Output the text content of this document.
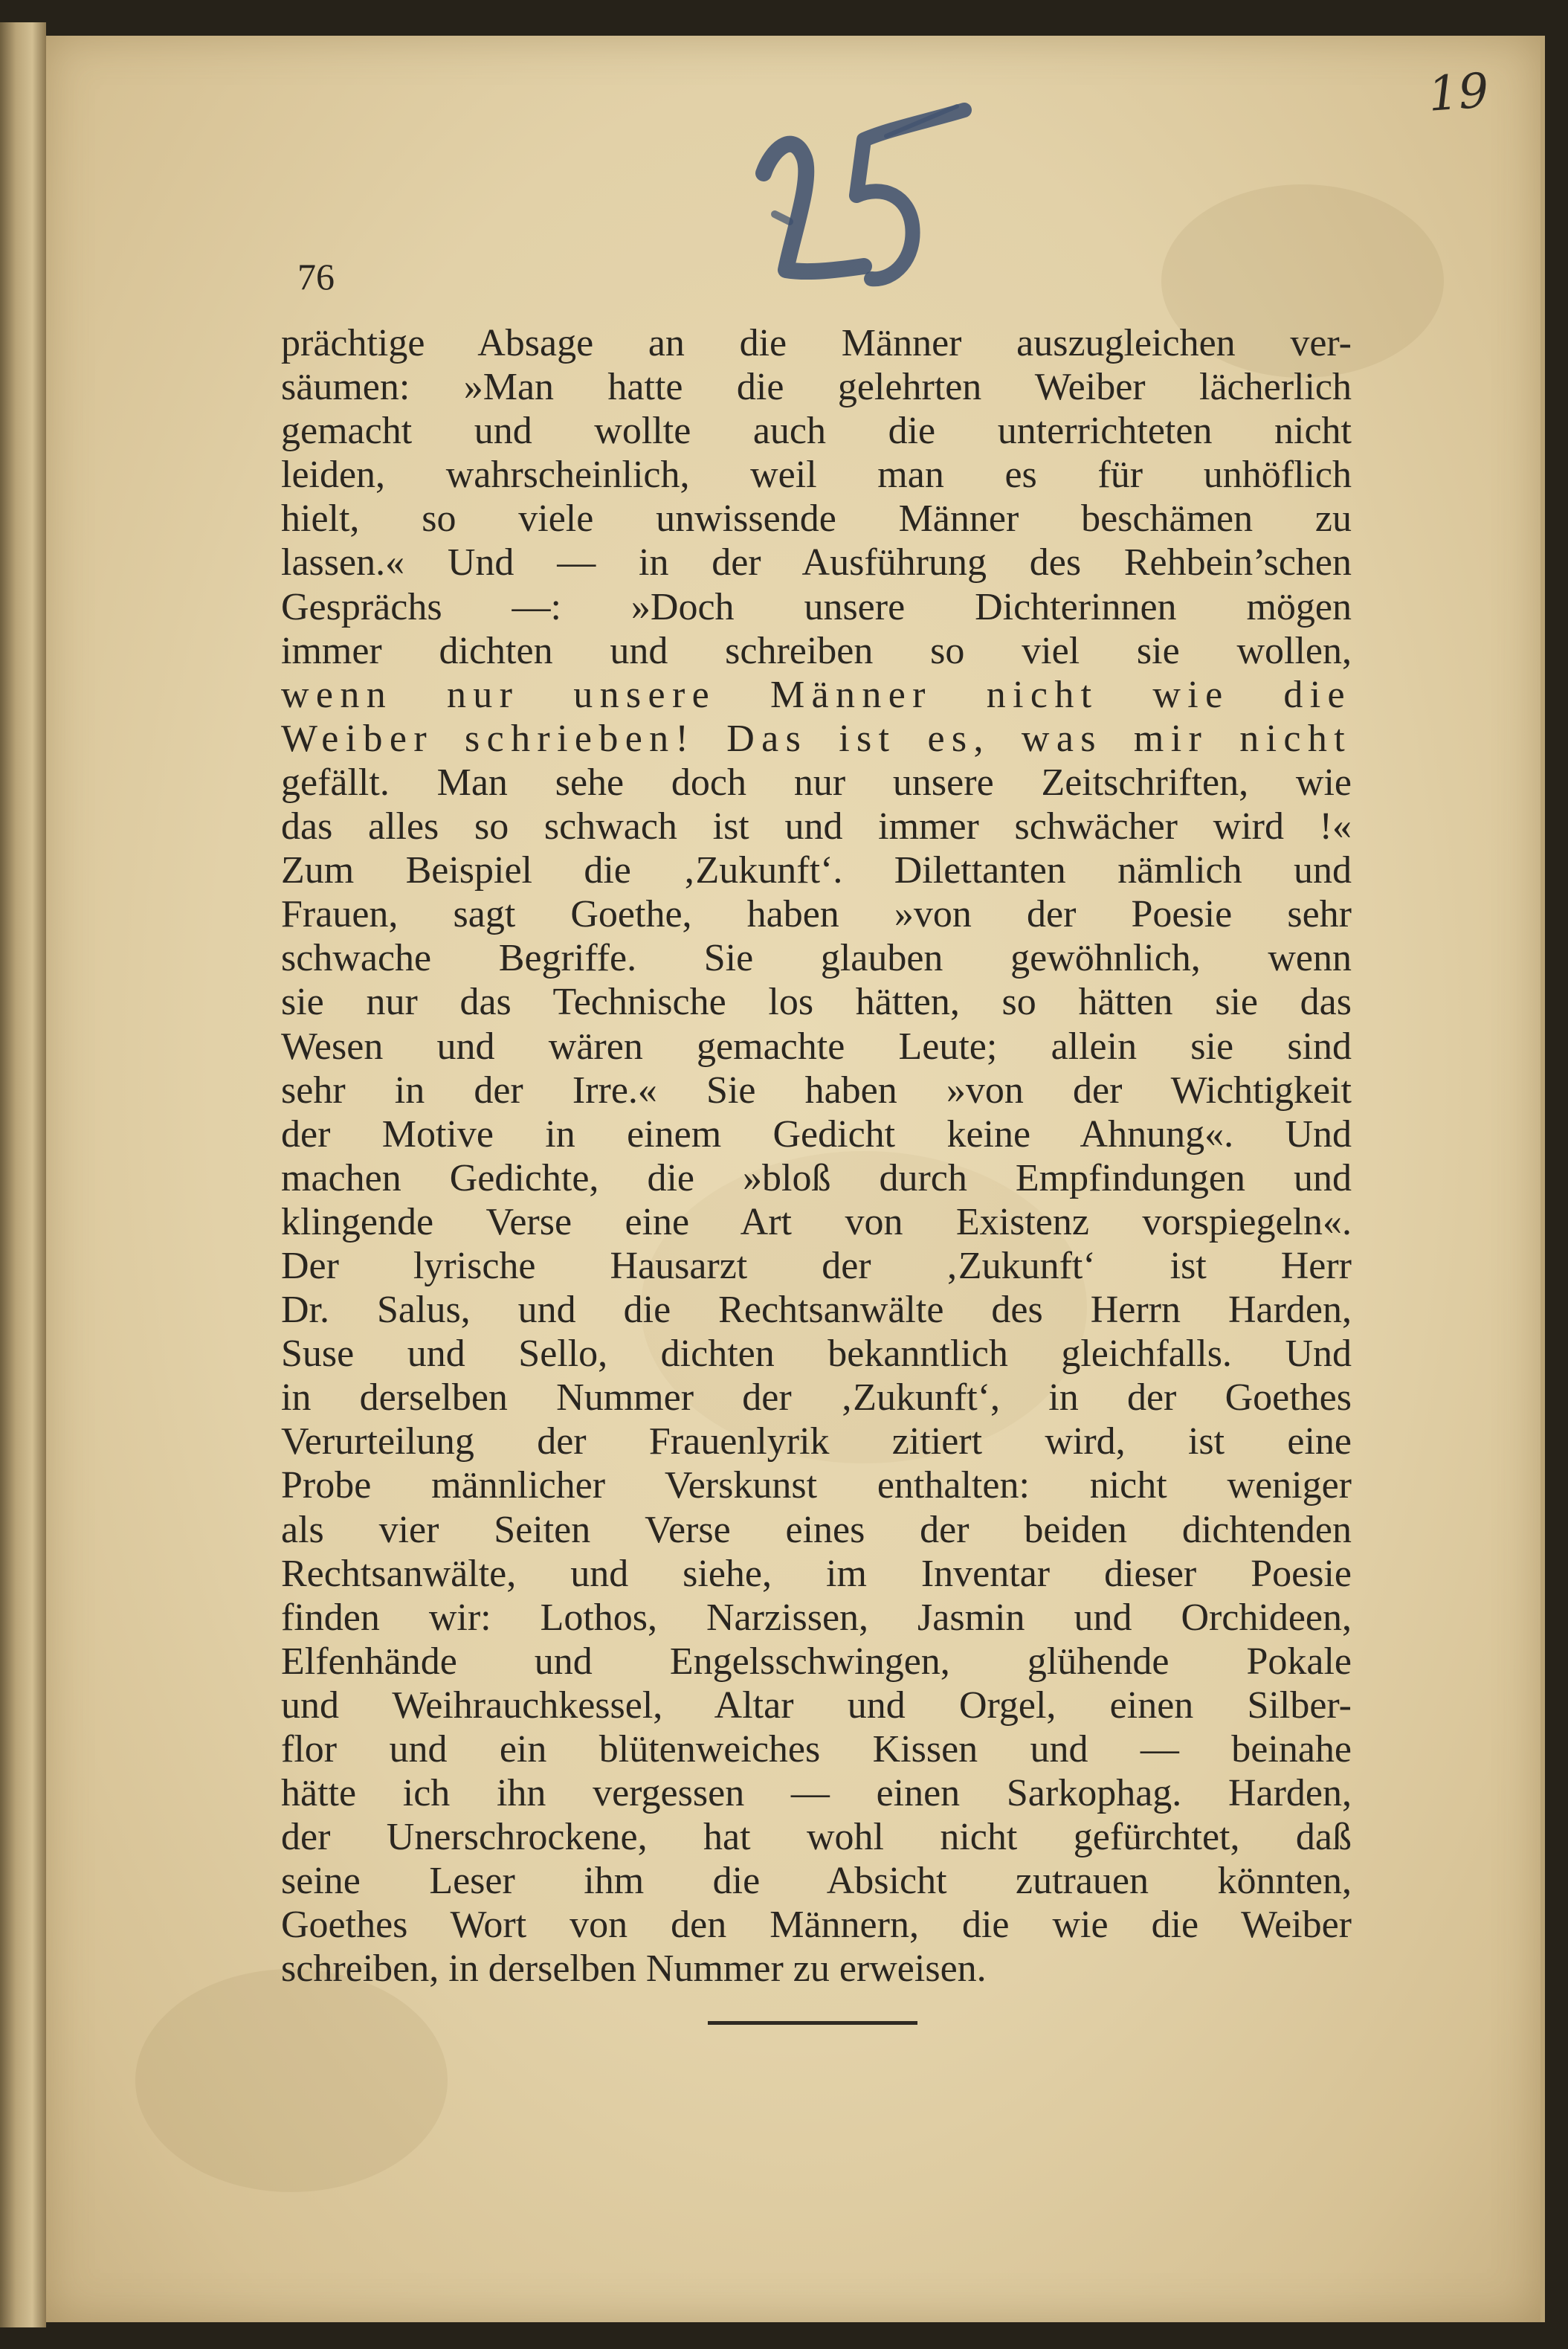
19
76
prächtige Absage an die Männer auszugleichen ver-
säumen: »Man hatte die gelehrten Weiber lächerlich
gemacht und wollte auch die unterrichteten nicht
leiden, wahrscheinlich, weil man es für unhöflich
hielt, so viele unwissende Männer beschämen zu
lassen.« Und — in der Ausführung des Rehbein’schen
Gesprächs —: »Doch unsere Dichterinnen mögen
immer dichten und schreiben so viel sie wollen,
wenn nur unsere Männer nicht wie die
Weiber schrieben! Das ist es, was mir nicht
gefällt. Man sehe doch nur unsere Zeitschriften, wie
das alles so schwach ist und immer schwächer wird !«
Zum Beispiel die ‚Zukunft‘. Dilettanten nämlich und
Frauen, sagt Goethe, haben »von der Poesie sehr
schwache Begriffe. Sie glauben gewöhnlich, wenn
sie nur das Technische los hätten, so hätten sie das
Wesen und wären gemachte Leute; allein sie sind
sehr in der Irre.« Sie haben »von der Wichtigkeit
der Motive in einem Gedicht keine Ahnung«. Und
machen Gedichte, die »bloß durch Empfindungen und
klingende Verse eine Art von Existenz vorspiegeln«.
Der lyrische Hausarzt der ‚Zukunft‘ ist Herr
Dr. Salus, und die Rechtsanwälte des Herrn Harden,
Suse und Sello, dichten bekanntlich gleichfalls. Und
in derselben Nummer der ‚Zukunft‘, in der Goethes
Verurteilung der Frauenlyrik zitiert wird, ist eine
Probe männlicher Verskunst enthalten: nicht weniger
als vier Seiten Verse eines der beiden dichtenden
Rechtsanwälte, und siehe, im Inventar dieser Poesie
finden wir: Lothos, Narzissen, Jasmin und Orchideen,
Elfenhände und Engelsschwingen, glühende Pokale
und Weihrauchkessel, Altar und Orgel, einen Silber-
flor und ein blütenweiches Kissen und — beinahe
hätte ich ihn vergessen — einen Sarkophag. Harden,
der Unerschrockene, hat wohl nicht gefürchtet, daß
seine Leser ihm die Absicht zutrauen könnten,
Goethes Wort von den Männern, die wie die Weiber
schreiben, in derselben Nummer zu erweisen.
